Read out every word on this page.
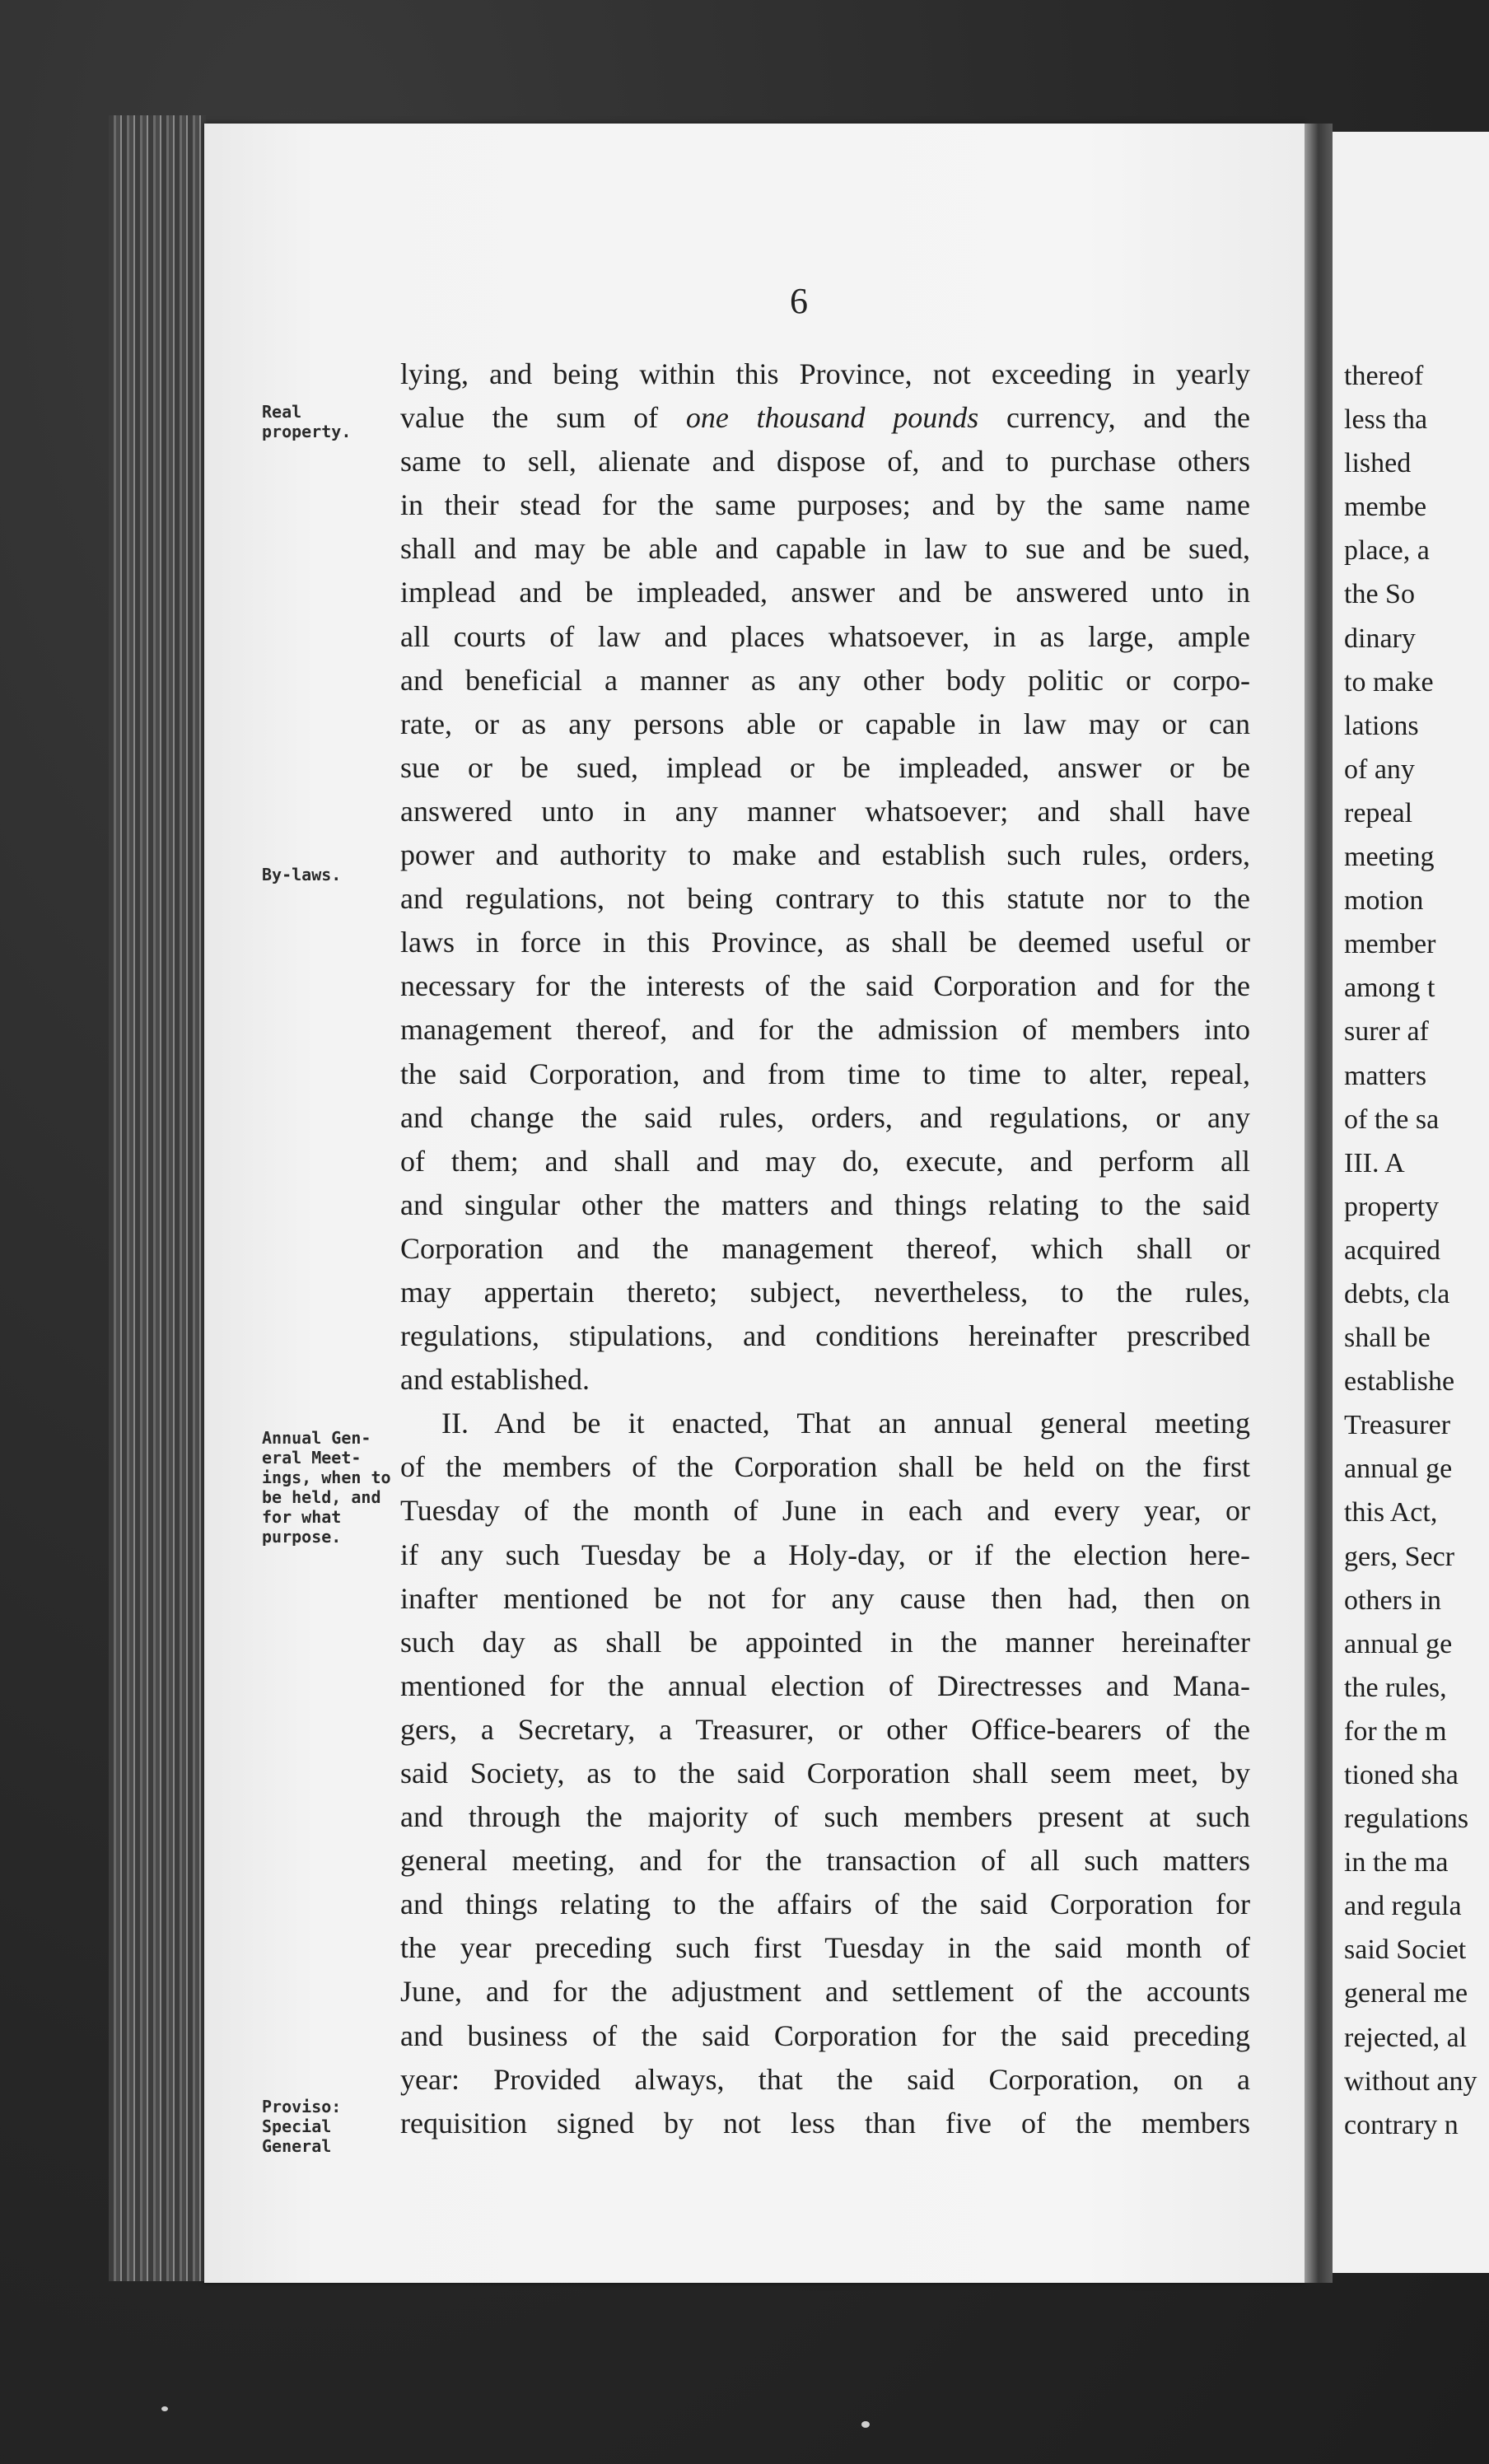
6
Real
property.
By-laws.
Annual Gen-
eral Meet-
ings, when to
be held, and
for what
purpose.
Proviso:
Special
General
lying, and being within this Province, not exceeding in yearly
value the sum of one thousand pounds currency, and the
same to sell, alienate and dispose of, and to purchase others
in their stead for the same purposes; and by the same name
shall and may be able and capable in law to sue and be sued,
implead and be impleaded, answer and be answered unto in
all courts of law and places whatsoever, in as large, ample
and beneficial a manner as any other body politic or corpo-
rate, or as any persons able or capable in law may or can
sue or be sued, implead or be impleaded, answer or be
answered unto in any manner whatsoever; and shall have
power and authority to make and establish such rules, orders,
and regulations, not being contrary to this statute nor to the
laws in force in this Province, as shall be deemed useful or
necessary for the interests of the said Corporation and for the
management thereof, and for the admission of members into
the said Corporation, and from time to time to alter, repeal,
and change the said rules, orders, and regulations, or any
of them; and shall and may do, execute, and perform all
and singular other the matters and things relating to the said
Corporation and the management thereof, which shall or
may appertain thereto; subject, nevertheless, to the rules,
regulations, stipulations, and conditions hereinafter prescribed
and established.
II. And be it enacted, That an annual general meeting
of the members of the Corporation shall be held on the first
Tuesday of the month of June in each and every year, or
if any such Tuesday be a Holy-day, or if the election here-
inafter mentioned be not for any cause then had, then on
such day as shall be appointed in the manner hereinafter
mentioned for the annual election of Directresses and Mana-
gers, a Secretary, a Treasurer, or other Office-bearers of the
said Society, as to the said Corporation shall seem meet, by
and through the majority of such members present at such
general meeting, and for the transaction of all such matters
and things relating to the affairs of the said Corporation for
the year preceding such first Tuesday in the said month of
June, and for the adjustment and settlement of the accounts
and business of the said Corporation for the said preceding
year: Provided always, that the said Corporation, on a
requisition signed by not less than five of the members
thereof
less tha
lished
membe
place, a
the So
dinary
to make
lations
of any
repeal
meeting
motion
member
among t
surer af
matters
of the sa
III. A
property
acquired
debts, cla
shall be
establishe
Treasurer
annual ge
this Act,
gers, Secr
others in
annual ge
the rules,
for the m
tioned sha
regulations
in the ma
and regula
said Societ
general me
rejected, al
without any
contrary n
